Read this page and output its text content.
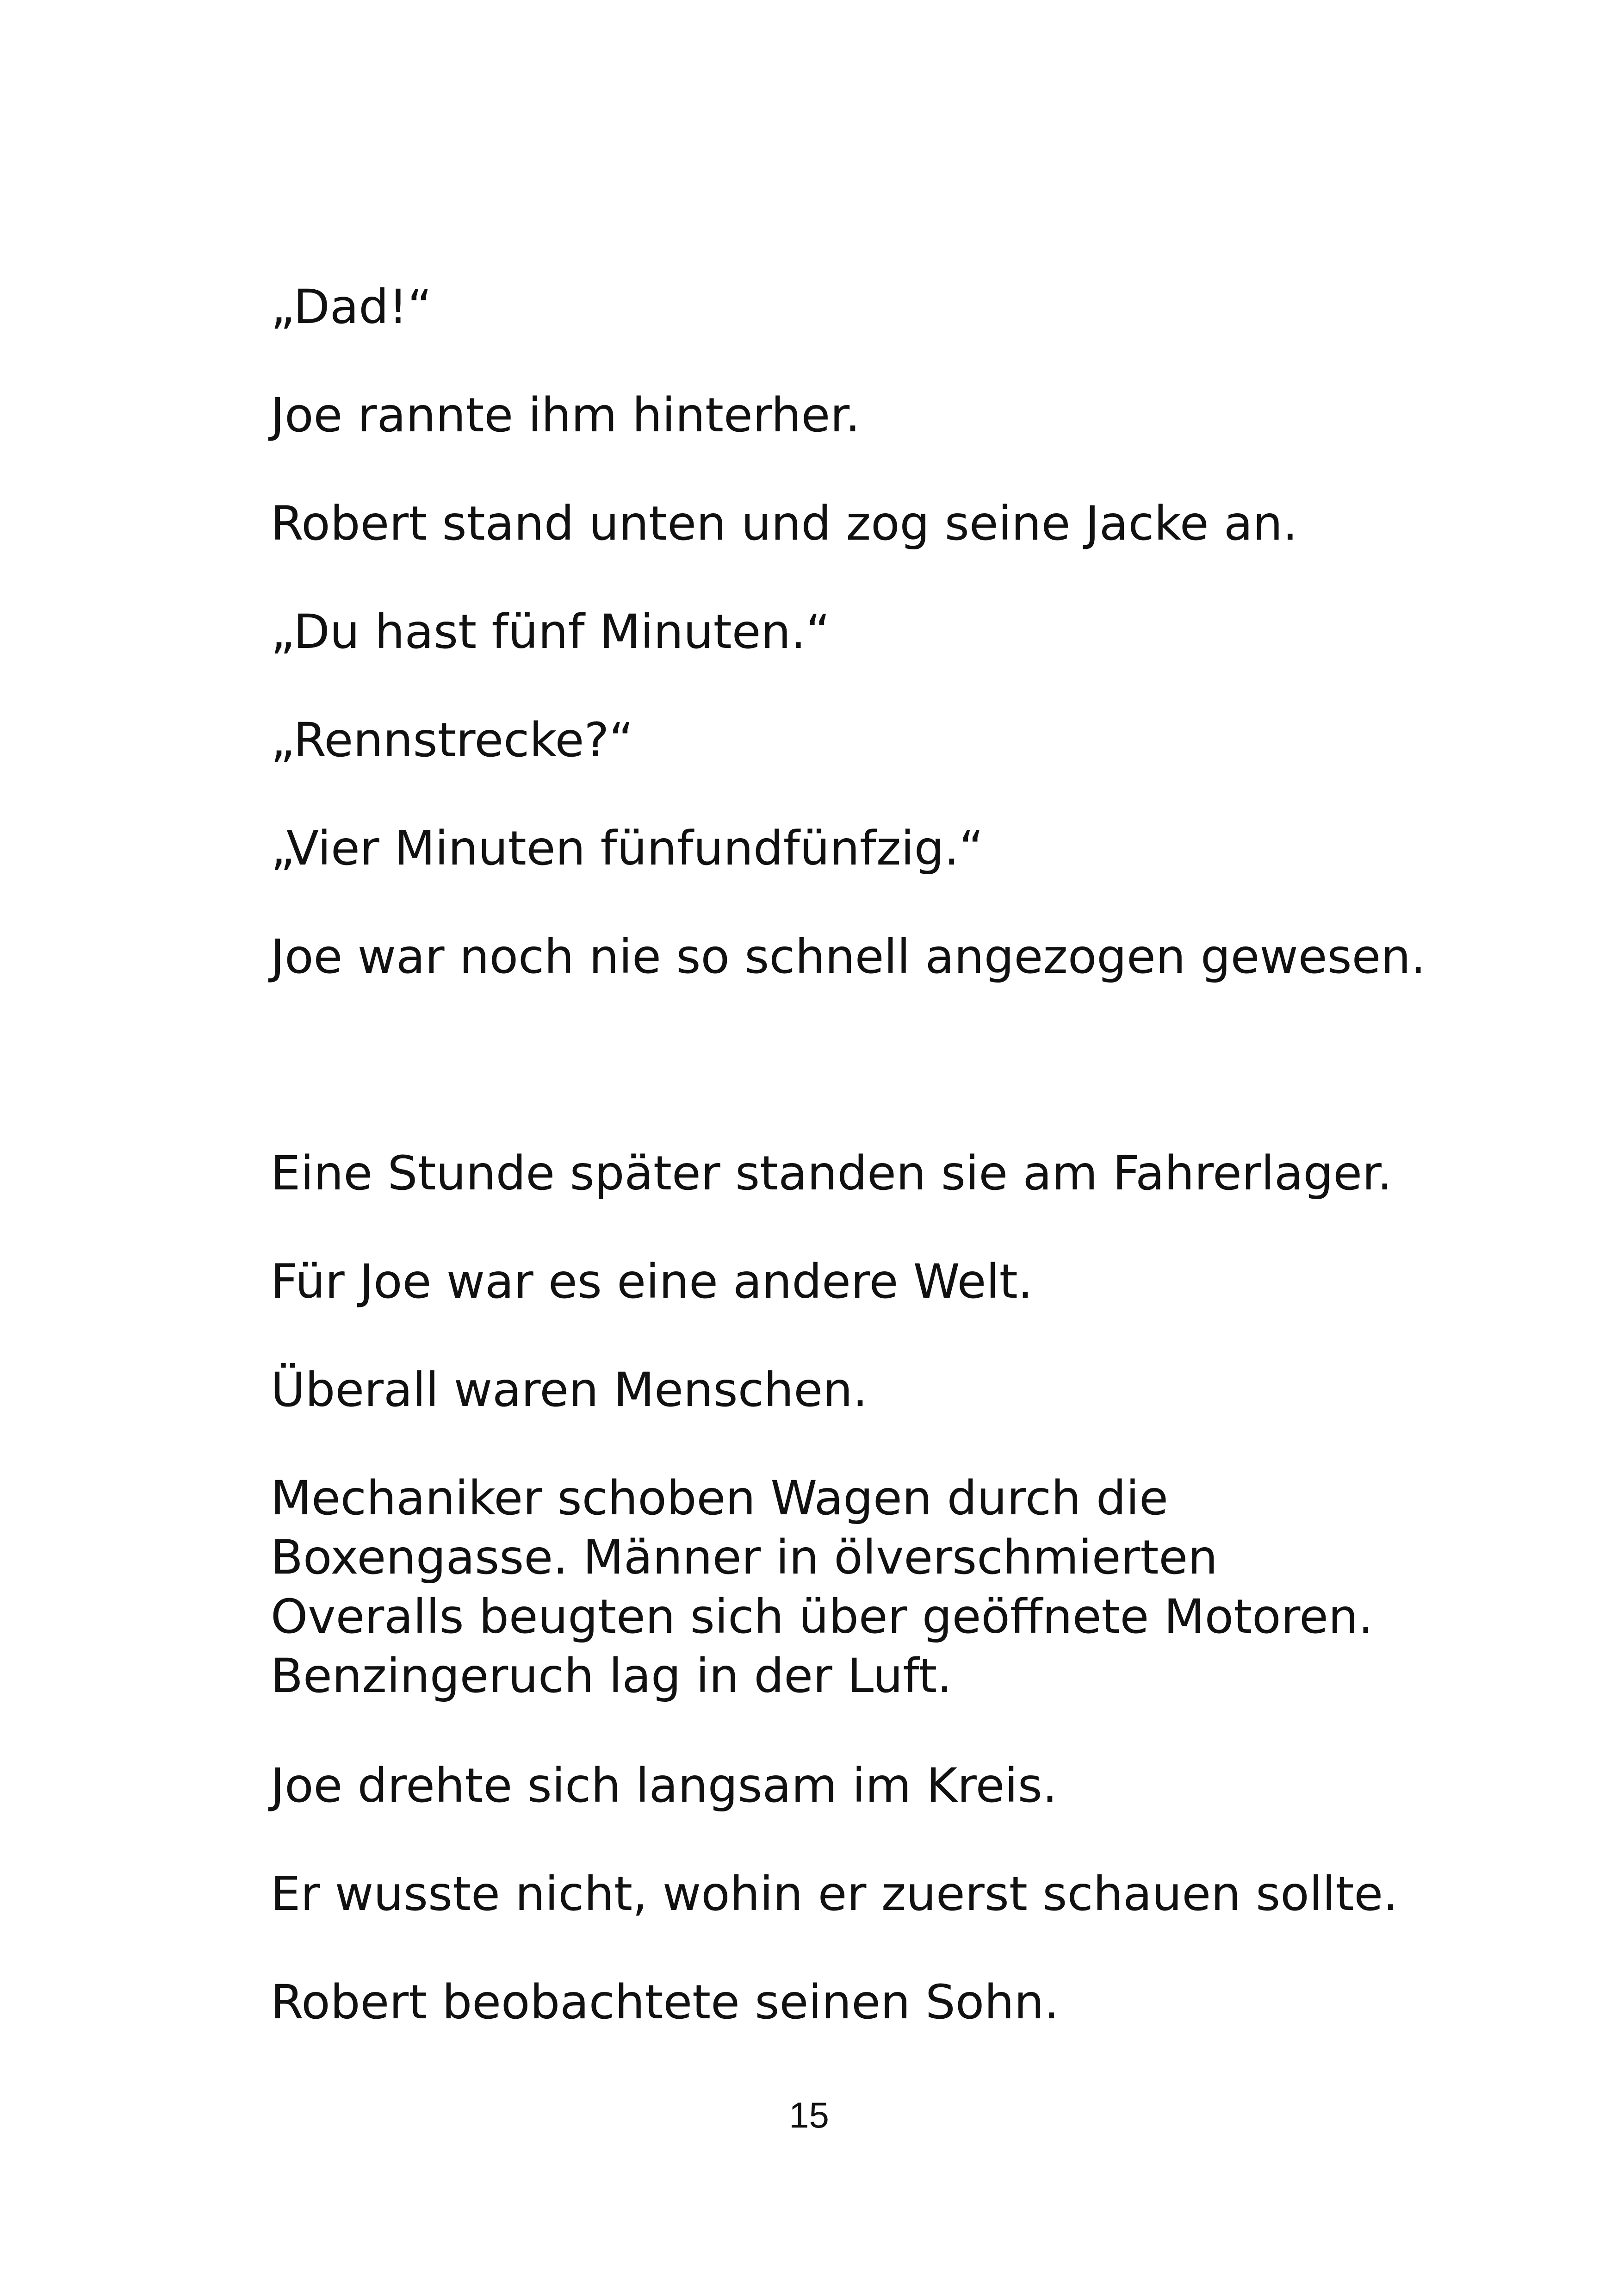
„Dad!“

Joe rannte ihm hinterher.

Robert stand unten und zog seine Jacke an.

„Du hast fünf Minuten.“

„Rennstrecke?“

„Vier Minuten fünfundfünfzig.“

Joe war noch nie so schnell angezogen gewesen.

Eine Stunde später standen sie am Fahrerlager.

Für Joe war es eine andere Welt.

Überall waren Menschen.

Mechaniker schoben Wagen durch die Boxengasse. Männer in ölverschmierten Overalls beugten sich über geöffnete Motoren. Benzingeruch lag in der Luft.

Joe drehte sich langsam im Kreis.

Er wusste nicht, wohin er zuerst schauen sollte.

Robert beobachtete seinen Sohn.

15
